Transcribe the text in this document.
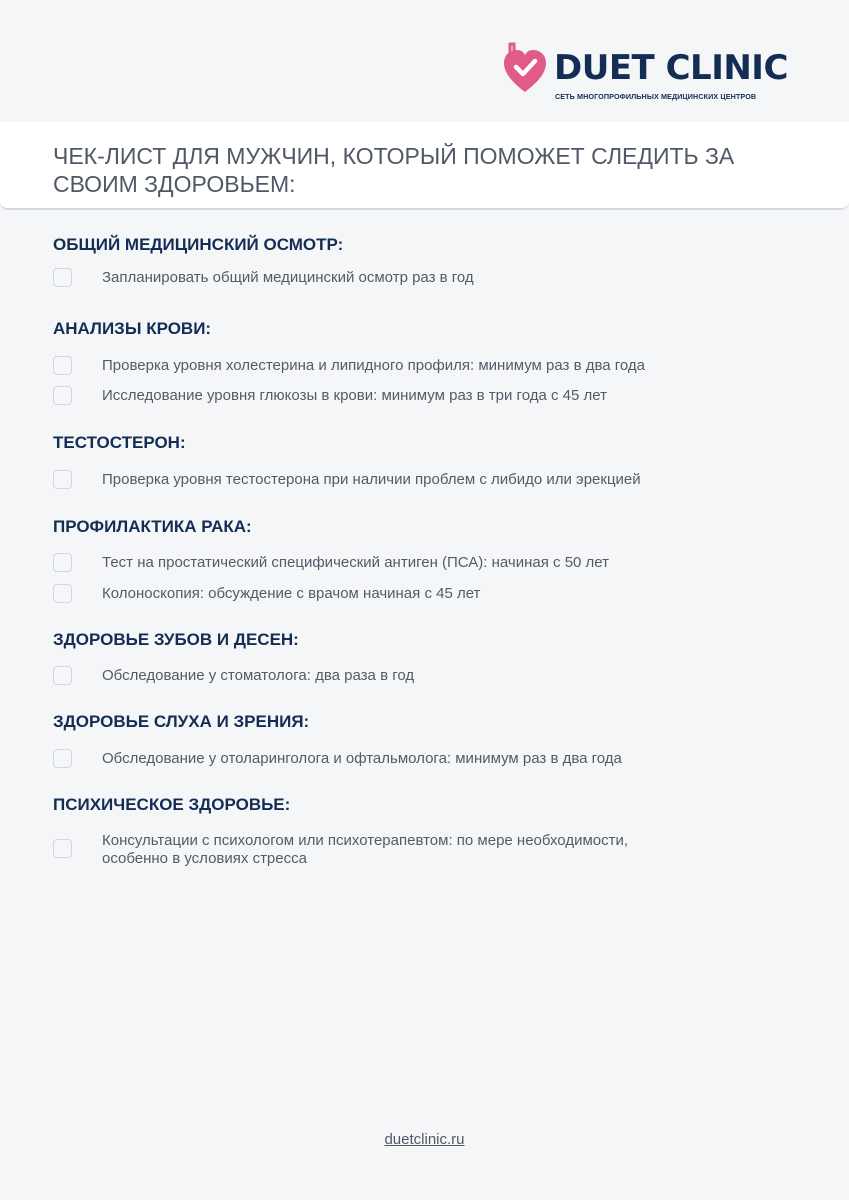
DUET CLINIC
СЕТЬ МНОГОПРОФИЛЬНЫХ МЕДИЦИНСКИХ ЦЕНТРОВ
ЧЕК-ЛИСТ ДЛЯ МУЖЧИН, КОТОРЫЙ ПОМОЖЕТ СЛЕДИТЬ ЗА СВОИМ ЗДОРОВЬЕМ:
ОБЩИЙ МЕДИЦИНСКИЙ ОСМОТР:
Запланировать общий медицинский осмотр раз в год
АНАЛИЗЫ КРОВИ:
Проверка уровня холестерина и липидного профиля: минимум раз в два года
Исследование уровня глюкозы в крови: минимум раз в три года с 45 лет
ТЕСТОСТЕРОН:
Проверка уровня тестостерона при наличии проблем с либидо или эрекцией
ПРОФИЛАКТИКА РАКА:
Тест на простатический специфический антиген (ПСА): начиная с 50 лет
Колоноскопия: обсуждение с врачом начиная с 45 лет
ЗДОРОВЬЕ ЗУБОВ И ДЕСЕН:
Обследование у стоматолога: два раза в год
ЗДОРОВЬЕ СЛУХА И ЗРЕНИЯ:
Обследование у отоларинголога и офтальмолога: минимум раз в два года
ПСИХИЧЕСКОЕ ЗДОРОВЬЕ:
Консультации с психологом или психотерапевтом: по мере необходимости, особенно в условиях стресса
duetclinic.ru
